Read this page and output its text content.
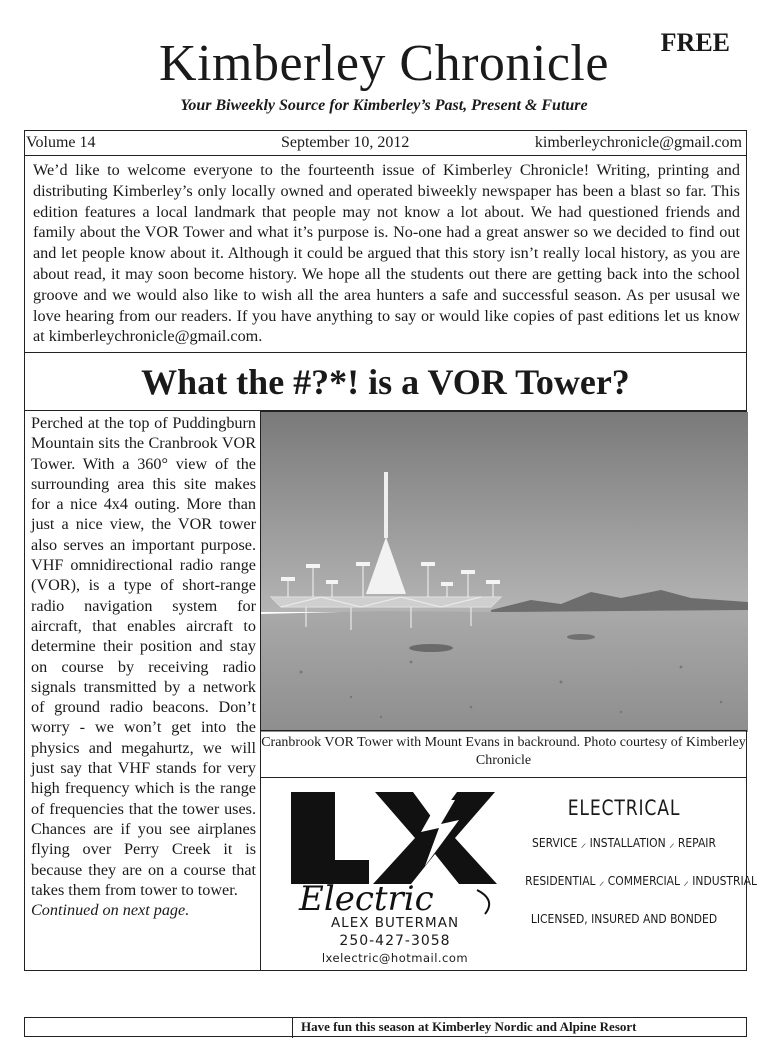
Kimberley Chronicle	FREE
Your Biweekly Source for Kimberley’s Past, Present & Future
Volume 14	September 10, 2012	kimberleychronicle@gmail.com
We’d like to welcome everyone to the fourteenth issue of Kimberley Chronicle! Writing, printing and distributing Kimberley’s only locally owned and operated biweekly newspaper has been a blast so far. This edition features a local landmark that people may not know a lot about. We had questioned friends and family about the VOR Tower and what it’s purpose is. No-one had a great answer so we decided to find out and let people know about it. Although it could be argued that this story isn’t really local history, as you are about read, it may soon become history. We hope all the students out there are getting back into the school groove and we would also like to wish all the area hunters a safe and successful season. As per ususal we love hearing from our readers. If you have anything to say or would like copies of past editions let us know at kimberleychronicle@gmail.com.
What the #?*! is a VOR Tower?
Perched at the top of Puddingburn Mountain sits the Cranbrook VOR Tower. With a 360° view of the surrounding area this site makes for a nice 4x4 outing. More than just a nice view, the VOR tower also serves an important purpose. VHF omnidirectional radio range (VOR), is a type of short-range radio navigation system for aircraft, that enables aircraft to determine their position and stay on course by receiving radio signals transmitted by a network of ground radio beacons. Don’t worry - we won’t get into the physics and megahurtz, we will just say that VHF stands for very high frequency which is the range of frequencies that the tower uses. Chances are if you see airplanes flying over Perry Creek it is because they are on a course that takes them from tower to tower.
Continued on next page.
Cranbrook VOR Tower with Mount Evans in backround. Photo courtesy of Kimberley Chronicle
Electric
ALEX BUTERMAN
250-427-3058
lxelectric@hotmail.com
ELECTRICAL
SERVICE ⸝ INSTALLATION ⸝ REPAIR
RESIDENTIAL ⸝ COMMERCIAL ⸝ INDUSTRIAL
LICENSED, INSURED AND BONDED
Have fun this season at Kimberley Nordic and Alpine Resort
